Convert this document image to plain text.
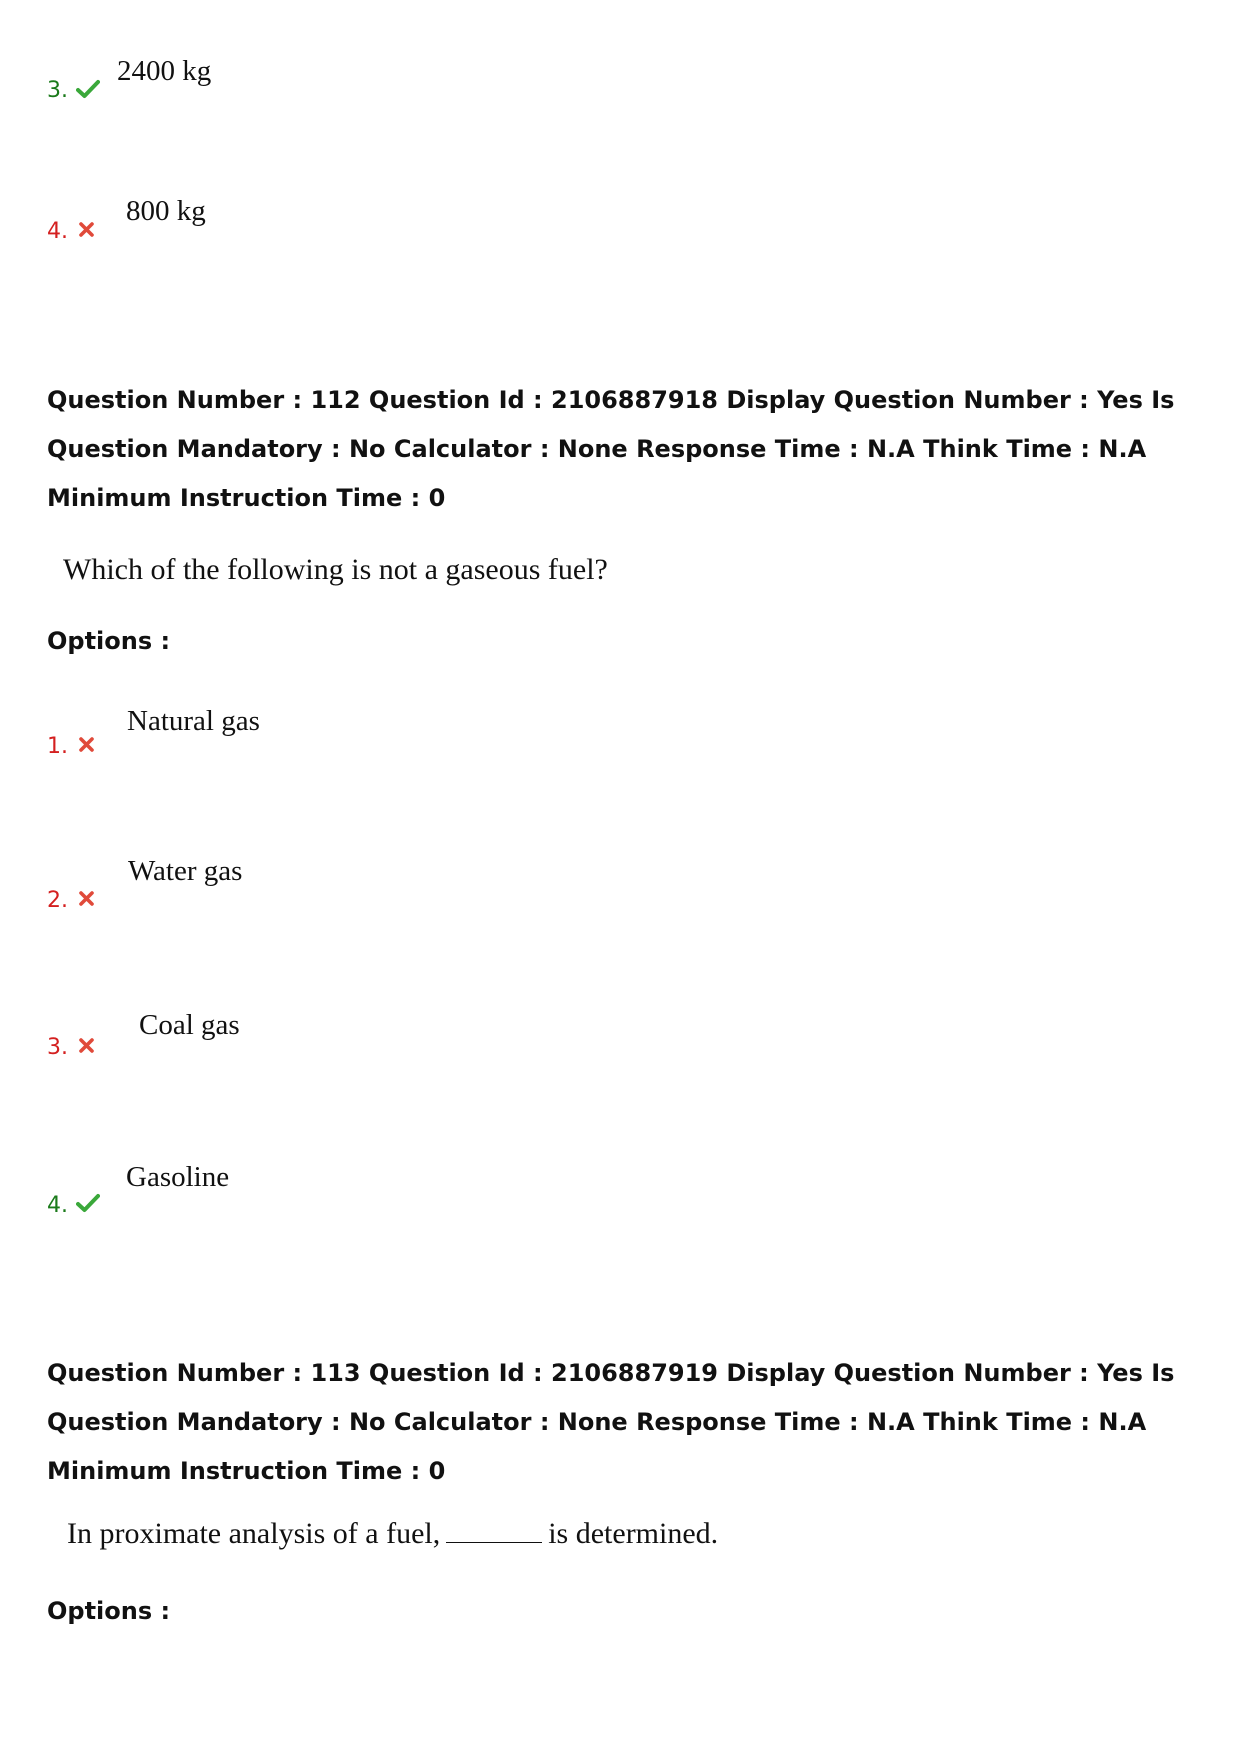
3.
2400 kg
4.
800 kg
Question Number : 112 Question Id : 2106887918 Display Question Number : Yes Is Question Mandatory : No Calculator : None Response Time : N.A Think Time : N.A Minimum Instruction Time : 0
Which of the following is not a gaseous fuel?
Options :
1.
Natural gas
2.
Water gas
3.
Coal gas
4.
Gasoline
Question Number : 113 Question Id : 2106887919 Display Question Number : Yes Is Question Mandatory : No Calculator : None Response Time : N.A Think Time : N.A Minimum Instruction Time : 0
In proximate analysis of a fuel,	is determined.
Options :
